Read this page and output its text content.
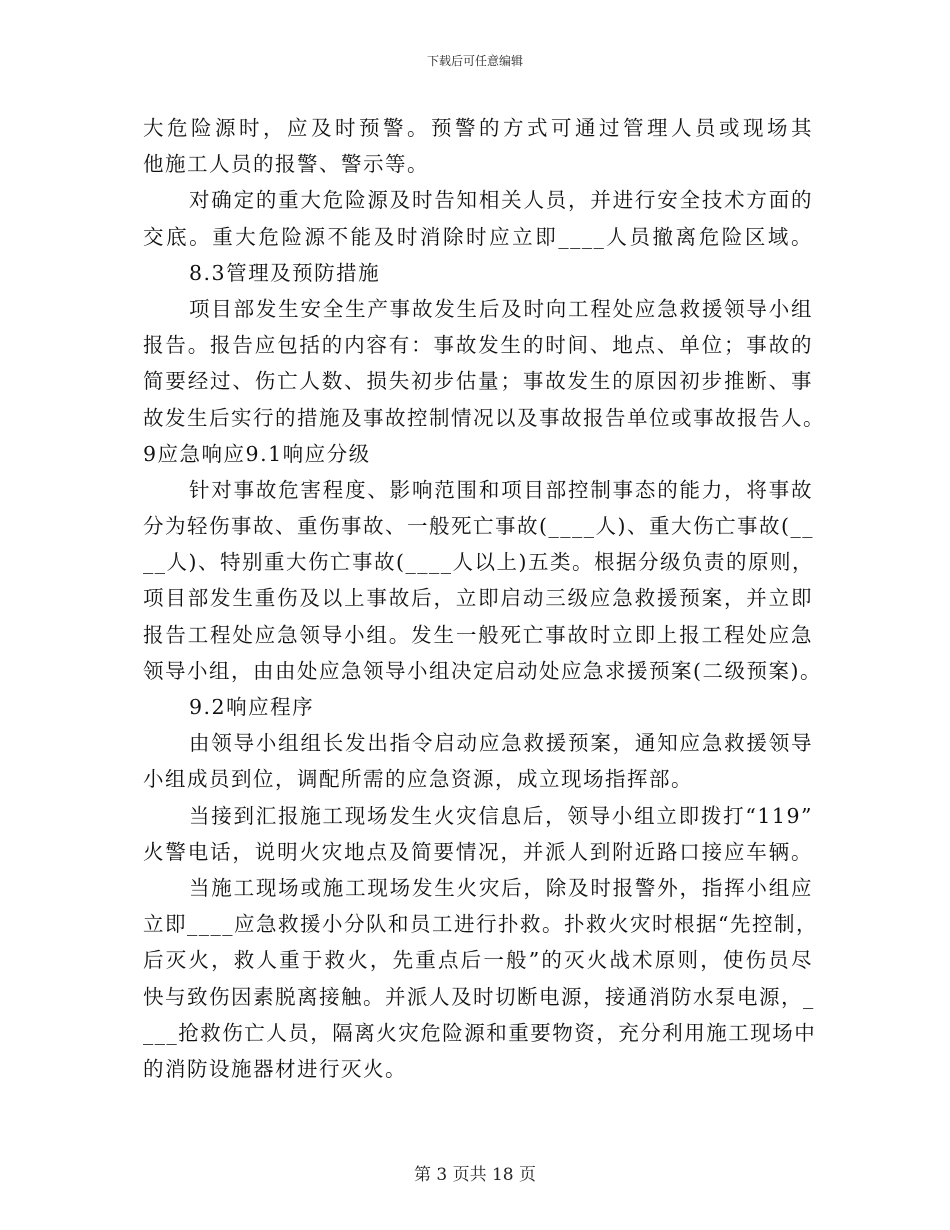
下载后可任意编辑
大危险源时，应及时预警。预警的方式可通过管理人员或现场其
他施工人员的报警、警示等。
对确定的重大危险源及时告知相关人员，并进行安全技术方面的
交底。重大危险源不能及时消除时应立即____人员撤离危险区域。
8.3管理及预防措施
项目部发生安全生产事故发生后及时向工程处应急救援领导小组
报告。报告应包括的内容有：事故发生的时间、地点、单位；事故的
简要经过、伤亡人数、损失初步估量；事故发生的原因初步推断、事
故发生后实行的措施及事故控制情况以及事故报告单位或事故报告人。
9应急响应9.1响应分级
针对事故危害程度、影响范围和项目部控制事态的能力，将事故
分为轻伤事故、重伤事故、一般死亡事故(____人)、重大伤亡事故(__
__人)、特别重大伤亡事故(____人以上)五类。根据分级负责的原则，
项目部发生重伤及以上事故后，立即启动三级应急救援预案，并立即
报告工程处应急领导小组。发生一般死亡事故时立即上报工程处应急
领导小组，由由处应急领导小组决定启动处应急求援预案(二级预案)。
9.2响应程序
由领导小组组长发出指令启动应急救援预案，通知应急救援领导
小组成员到位，调配所需的应急资源，成立现场指挥部。
当接到汇报施工现场发生火灾信息后，领导小组立即拨打“119”
火警电话，说明火灾地点及简要情况，并派人到附近路口接应车辆。
当施工现场或施工现场发生火灾后，除及时报警外，指挥小组应
立即____应急救援小分队和员工进行扑救。扑救火灾时根据“先控制，
后灭火，救人重于救火，先重点后一般”的灭火战术原则，使伤员尽
快与致伤因素脱离接触。并派人及时切断电源，接通消防水泵电源，_
___抢救伤亡人员，隔离火灾危险源和重要物资，充分利用施工现场中
的消防设施器材进行灭火。
第 3 页共 18 页
